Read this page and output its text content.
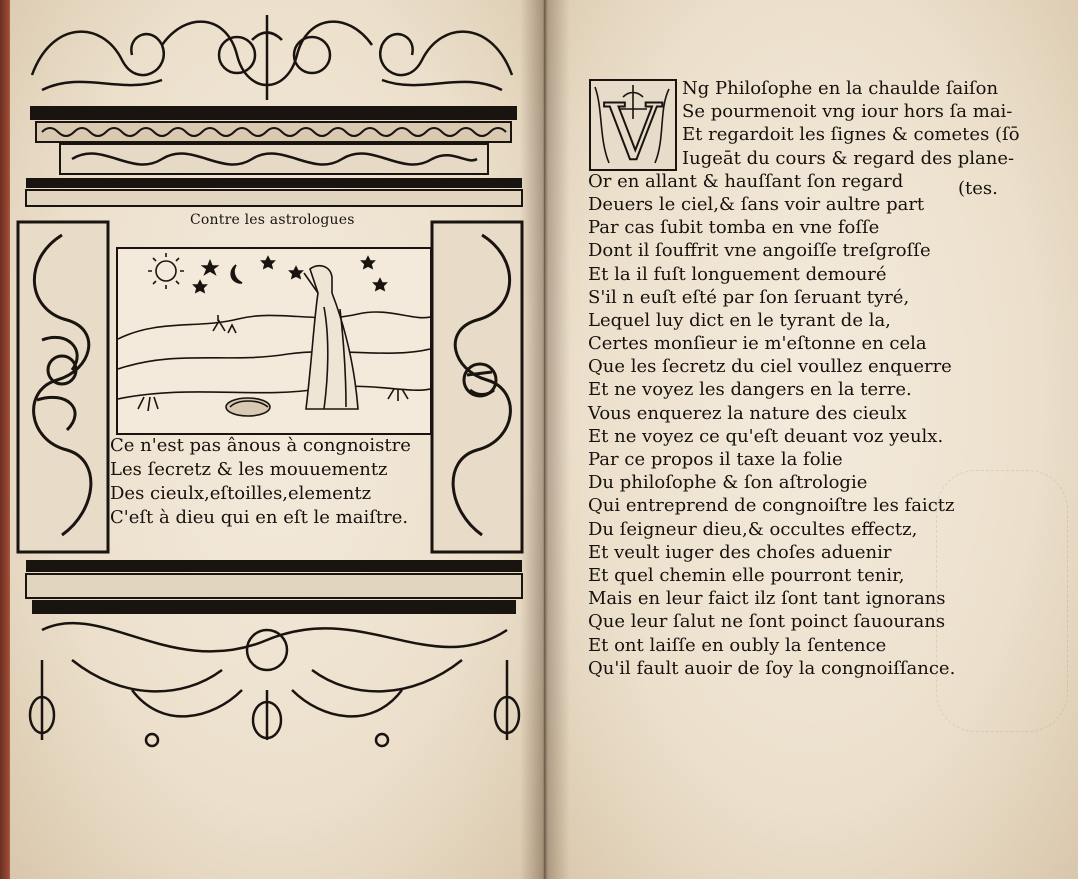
Contre les astrologues
Ce n'est pas ânous à congnoistre
Les ſecretz & les mouuementz
Des cieulx,eſtoilles,elementz
C'eſt à dieu qui en eſt le maiſtre.
V	Ng Philoſophe en la chaulde ſaiſon
Se pourmenoit vng iour hors ſa mai-
Et regardoit les ſignes & cometes (ſō
Iugeāt du cours & regard des plane-
Or en allant & hauſſant ſon regard
Deuers le ciel,& ſans voir aultre part
Par cas ſubit tomba en vne foſſe
Dont il ſouffrit vne angoiſſe treſgroſſe
Et la il fuſt longuement demouré
S'il n euſt eſté par ſon ſeruant tyré,
Lequel luy dict en le tyrant de la,
Certes monſieur ie m'eſtonne en cela
Que les ſecretz du ciel voullez enquerre
Et ne voyez les dangers en la terre.
Vous enquerez la nature des cieulx
Et ne voyez ce qu'eſt deuant voz yeulx.
Par ce propos il taxe la folie
Du philoſophe & ſon aſtrologie
Qui entreprend de congnoiſtre les faictz
Du ſeigneur dieu,& occultes effectz,
Et veult iuger des choſes aduenir
Et quel chemin elle pourront tenir,
Mais en leur faict ilz ſont tant ignorans
Que leur ſalut ne ſont poinct ſauourans
Et ont laiſſe en oubly la ſentence
Qu'il fault auoir de ſoy la congnoiſſance.
(tes.
